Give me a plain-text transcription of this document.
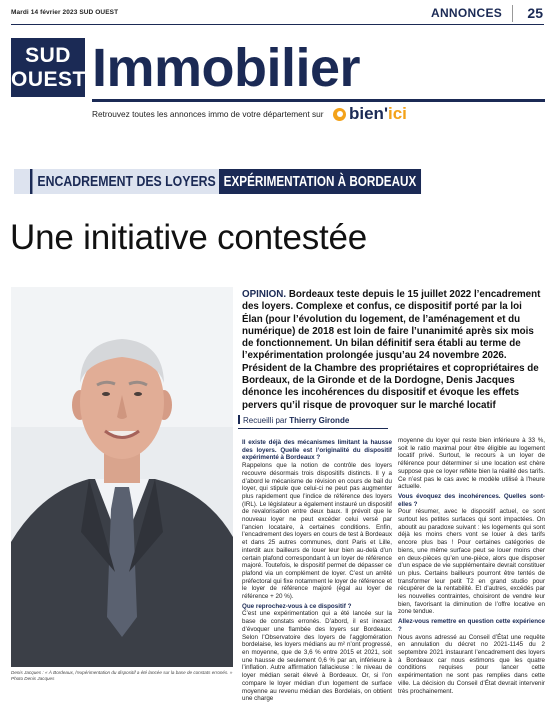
Mardi 14 février 2023 SUD OUEST	ANNONCES	25
SUD
OUEST Immobilier
Retrouvez toutes les annonces immo de votre département sur bien'ici
ENCADREMENT DES LOYERS EXPÉRIMENTATION À BORDEAUX
Une initiative contestée
Denis Jacques : « À Bordeaux, l’expérimentation du dispositif a été lancée sur la base de constats erronés. » Photo Denis Jacques
OPINION. Bordeaux teste depuis le 15 juillet 2022 l’encadrement des loyers. Complexe et confus, ce dispositif porté par la loi Élan (pour l’évolution du logement, de l’aménagement et du numérique) de 2018 est loin de faire l’unanimité après six mois de fonctionnement. Un bilan définitif sera établi au terme de l’expérimentation prolongée jusqu’au 24 novembre 2026. Président de la Chambre des propriétaires et copropriétaires de Bordeaux, de la Gironde et de la Dordogne, Denis Jacques dénonce les incohérences du dispositif et évoque les effets pervers qu’il risque de provoquer sur le marché locatif
Recueilli par Thierry Gironde
Il existe déjà des mécanismes limitant la hausse des loyers. Quelle est l’originalité du dispositif expérimenté à Bordeaux ?

Rappelons que la notion de contrôle des loyers recouvre désormais trois dispositifs distincts. Il y a d’abord le mécanisme de révision en cours de bail du loyer, qui stipule que celui-ci ne peut pas augmenter plus rapidement que l’indice de référence des loyers (IRL). Le législateur a également instauré un dispositif de revalorisation entre deux baux. Il prévoit que le nouveau loyer ne peut excéder celui versé par l’ancien locataire, à certaines conditions. Enfin, l’encadrement des loyers en cours de test à Bordeaux et dans 25 autres communes, dont Paris et Lille, interdit aux bailleurs de louer leur bien au-delà d’un certain plafond correspondant à un loyer de référence majoré. Toutefois, le dispositif permet de dépasser ce plafond via un complément de loyer. C’est un arrêté préfectoral qui fixe notamment le loyer de référence et le loyer de référence majoré (égal au loyer de référence + 20 %).

Que reprochez-vous à ce dispositif ?

C’est une expérimentation qui a été lancée sur la base de constats erronés. D’abord, il est inexact d’évoquer une flambée des loyers sur Bordeaux. Selon l’Observatoire des loyers de l’agglomération bordelaise, les loyers médians au m² n’ont progressé, en moyenne, que de 3,6 % entre 2015 et 2021, soit une hausse de seulement 0,6 % par an, inférieure à l’inflation. Autre affirmation fallacieuse : le niveau de loyer médian serait élevé à Bordeaux. Or, si l’on compare le loyer médian d’un logement de surface moyenne au revenu médian des Bordelais, on obtient une charge

moyenne du loyer qui reste bien inférieure à 33 %, soit le ratio maximal pour être éligible au logement locatif privé. Surtout, le recours à un loyer de référence pour déterminer si une location est chère suppose que ce loyer reflète bien la réalité des tarifs. Ce n’est pas le cas avec le modèle utilisé à l’heure actuelle.

Vous évoquez des incohérences. Quelles sont-elles ?

Pour résumer, avec le dispositif actuel, ce sont surtout les petites surfaces qui sont impactées. On aboutit au paradoxe suivant : les logements qui sont déjà les moins chers vont se louer à des tarifs encore plus bas ! Pour certaines catégories de biens, une même surface peut se louer moins cher en deux-pièces qu’en une-pièce, alors que disposer d’un espace de vie supplémentaire devrait constituer un plus. Certains bailleurs pourront être tentés de transformer leur petit T2 en grand studio pour récupérer de la rentabilité. Et d’autres, excédés par les nouvelles contraintes, choisiront de vendre leur bien, favorisant la diminution de l’offre locative en zone tendue.

Allez-vous remettre en question cette expérience ?

Nous avons adressé au Conseil d’État une requête en annulation du décret no 2021-1145 du 2 septembre 2021 instaurant l’encadrement des loyers à Bordeaux car nous estimons que les quatre conditions requises pour lancer cette expérimentation ne sont pas remplies dans cette ville. La décision du Conseil d’État devrait intervenir très prochainement.
